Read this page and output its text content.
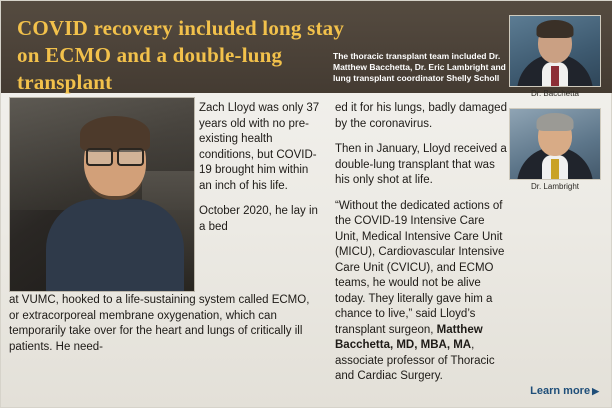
COVID recovery included long stay on ECMO and a double-lung transplant
The thoracic transplant team included Dr. Matthew Bacchetta, Dr. Eric Lambright and lung transplant coordinator Shelly Scholl
Dr. Bacchetta
Dr. Lambright

Zach Lloyd was only 37 years old with no pre-existing health conditions, but COVID-19 brought him within an inch of his life.

October 2020, he lay in a bed

at VUMC, hooked to a life-sustaining system called ECMO, or extracorporeal membrane oxygenation, which can temporarily take over for the heart and lungs of critically ill patients. He need-

ed it for his lungs, badly damaged by the coronavirus.

Then in January, Lloyd received a double-lung transplant that was his only shot at life.

“Without the dedicated actions of the COVID-19 Intensive Care Unit, Medical Intensive Care Unit (MICU), Cardiovascular Intensive Care Unit (CVICU), and ECMO teams, he would not be alive today. They literally gave him a chance to live,” said Lloyd’s transplant surgeon, Matthew Bacchetta, MD, MBA, MA, associate professor of Thoracic and Cardiac Surgery.

Learn more ▶
